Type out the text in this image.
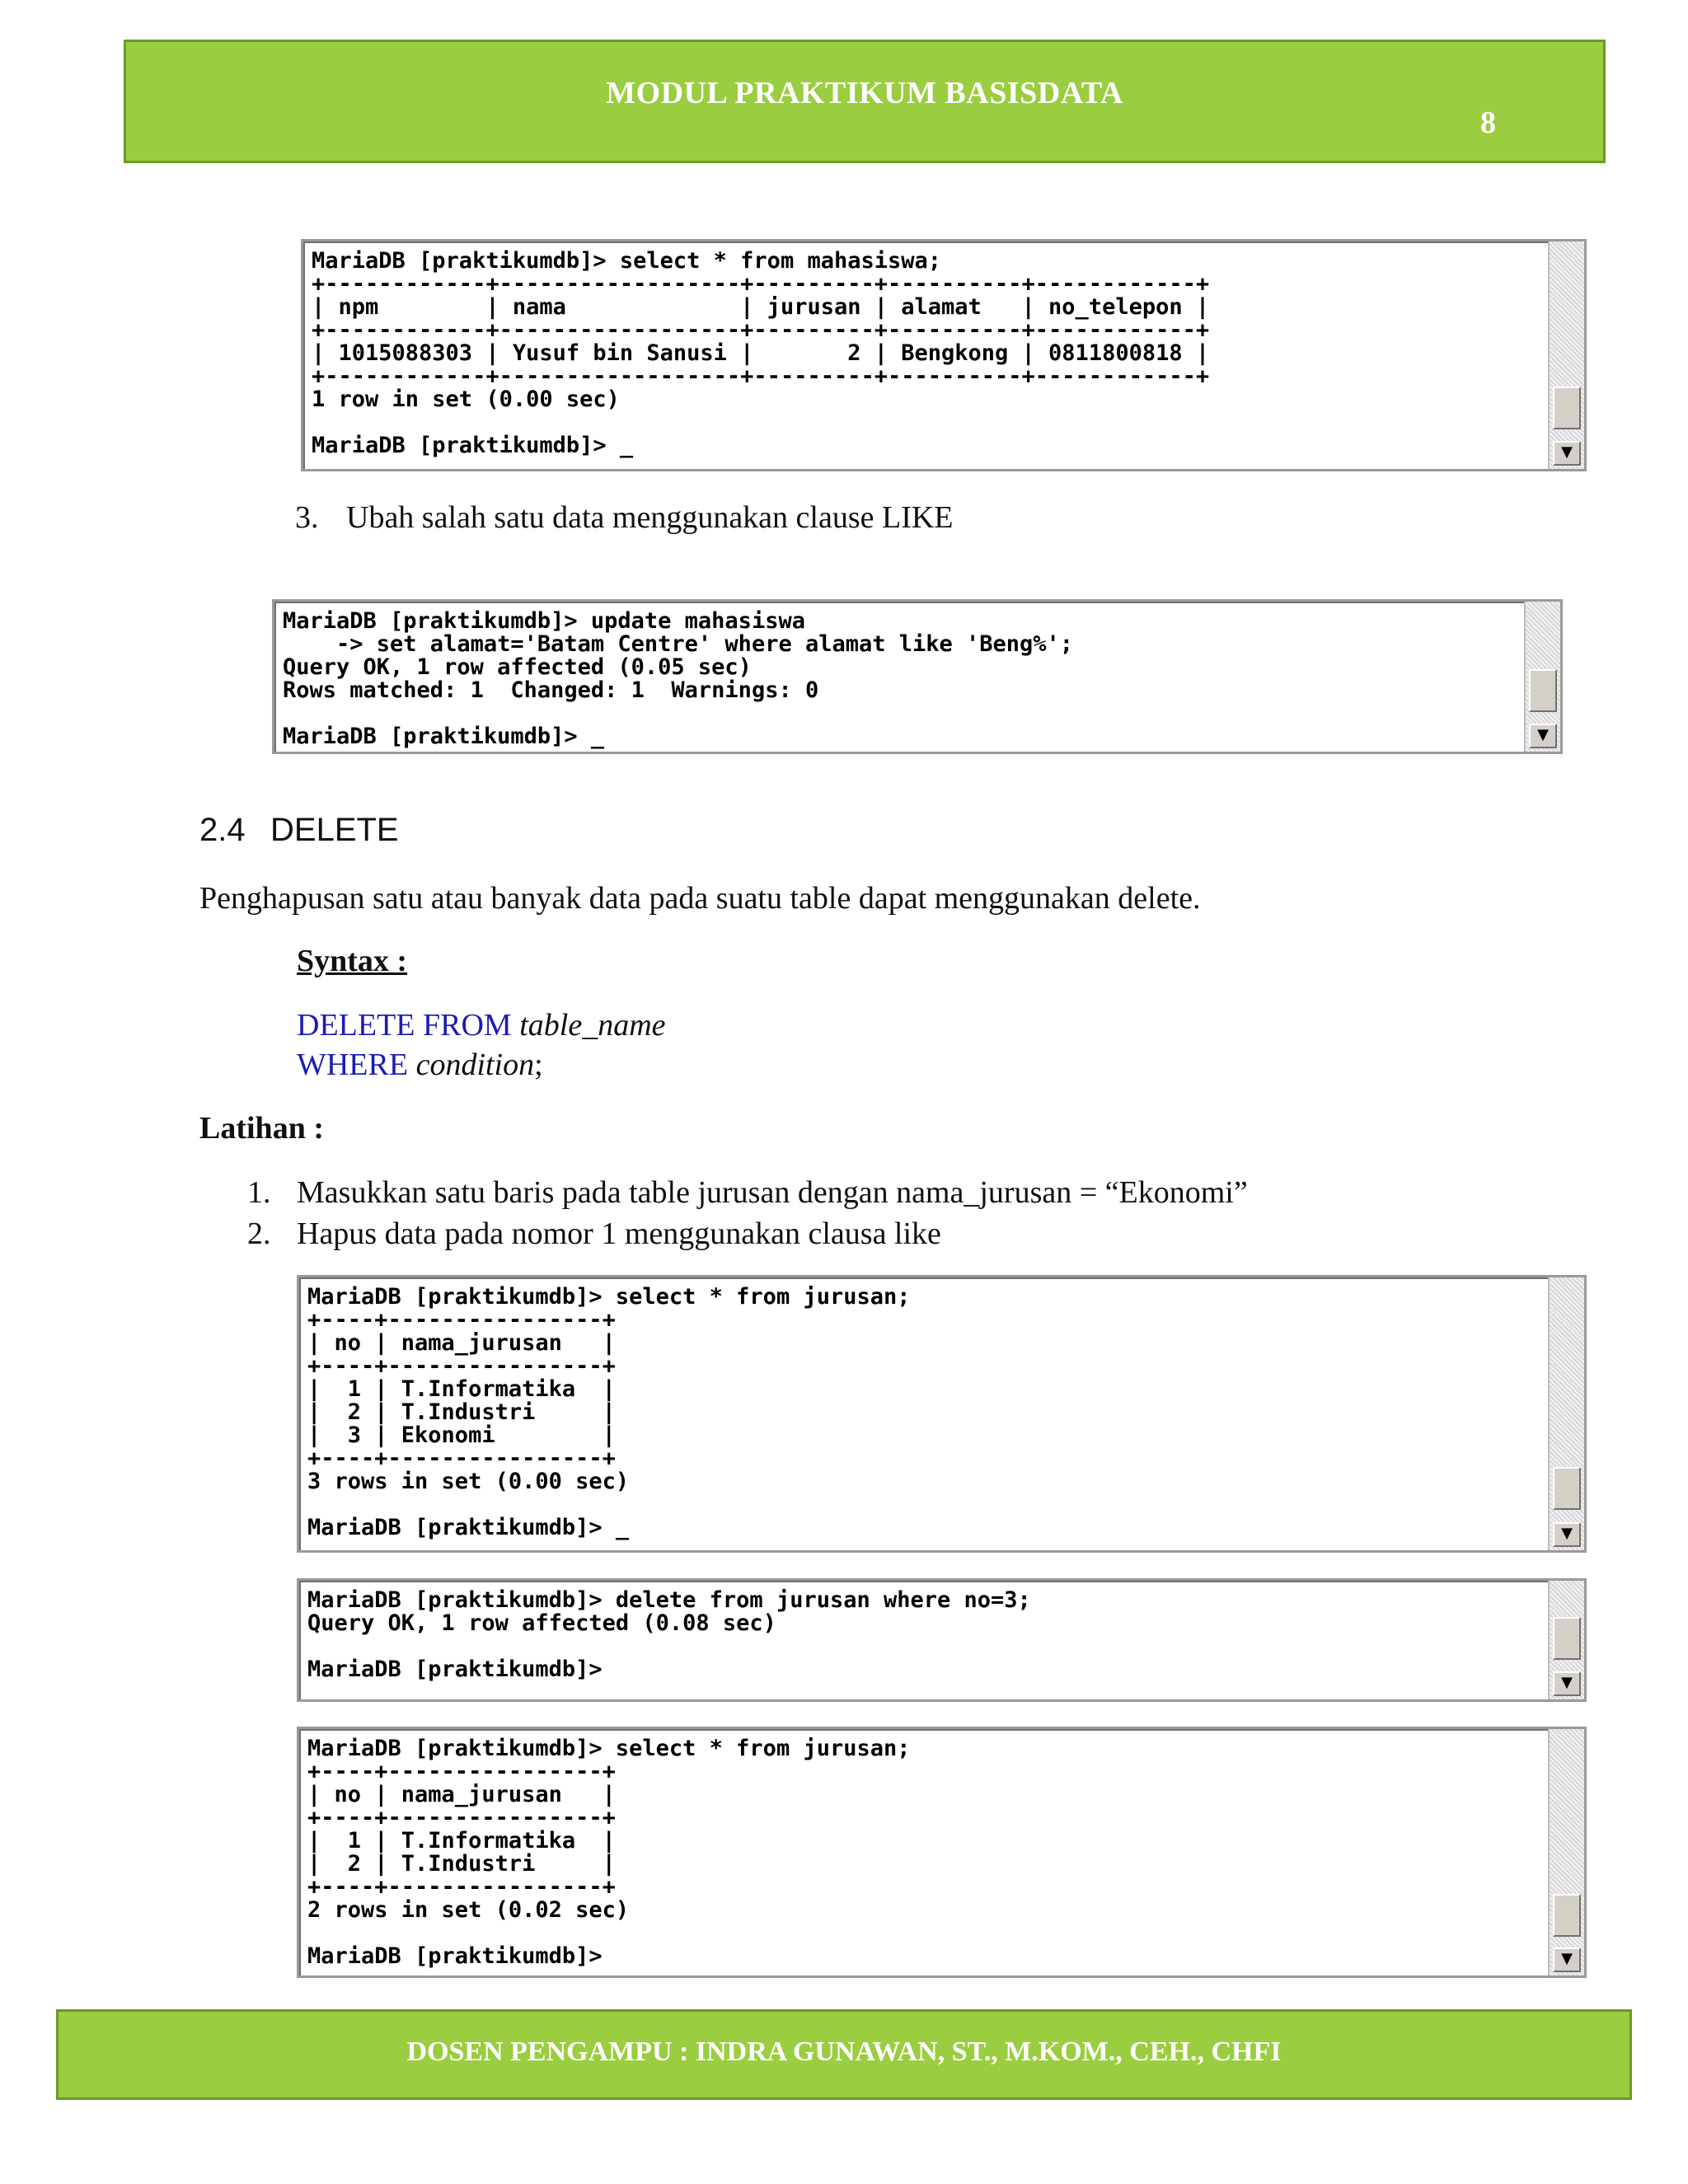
MODUL PRAKTIKUM BASISDATA
8
MariaDB [praktikumdb]> select * from mahasiswa;
+------------+------------------+---------+----------+------------+
| npm        | nama             | jurusan | alamat   | no_telepon |
+------------+------------------+---------+----------+------------+
| 1015088303 | Yusuf bin Sanusi |       2 | Bengkong | 0811800818 |
+------------+------------------+---------+----------+------------+
1 row in set (0.00 sec)

MariaDB [praktikumdb]> _	▼
3. Ubah salah satu data menggunakan clause LIKE
MariaDB [praktikumdb]> update mahasiswa
-> set alamat='Batam Centre' where alamat like 'Beng%';
Query OK, 1 row affected (0.05 sec)
Rows matched: 1  Changed: 1  Warnings: 0

MariaDB [praktikumdb]> _	▼
2.4 DELETE
Penghapusan satu atau banyak data pada suatu table dapat menggunakan delete.
Syntax :
DELETE FROM table_name
WHERE condition;
Latihan :
1. Masukkan satu baris pada table jurusan dengan nama_jurusan = “Ekonomi”
2. Hapus data pada nomor 1 menggunakan clausa like
MariaDB [praktikumdb]> select * from jurusan;
+----+----------------+
| no | nama_jurusan   |
+----+----------------+
|  1 | T.Informatika  |
|  2 | T.Industri     |
|  3 | Ekonomi        |
+----+----------------+
3 rows in set (0.00 sec)

MariaDB [praktikumdb]> _	▼
MariaDB [praktikumdb]> delete from jurusan where no=3;
Query OK, 1 row affected (0.08 sec)

MariaDB [praktikumdb]>
▼
MariaDB [praktikumdb]> select * from jurusan;
+----+----------------+
| no | nama_jurusan   |
+----+----------------+
|  1 | T.Informatika  |
|  2 | T.Industri     |
+----+----------------+
2 rows in set (0.02 sec)

MariaDB [praktikumdb]>	▼
DOSEN PENGAMPU : INDRA GUNAWAN, ST., M.KOM., CEH., CHFI
